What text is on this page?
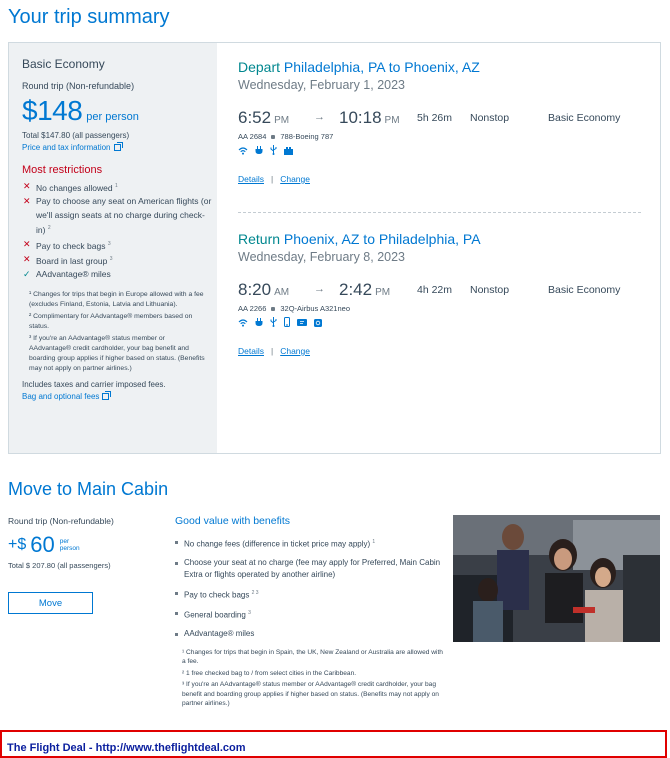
Your trip summary
Basic Economy
Round trip (Non-refundable)
$148 per person
Total $147.80 (all passengers)
Price and tax information
Most restrictions
✕ No changes allowed $^1$
✕ Pay to choose any seat on American flights (or we'll assign seats at no charge during check-in) $^2$
✕ Pay to check bags $^3$
✕ Board in last group $^3$
✓ AAdvantage® miles

¹ Changes for trips that begin in Europe allowed with a fee (excludes Finland, Estonia, Latvia and Lithuania).

² Complimentary for AAdvantage® members based on status.

³ If you're an AAdvantage® status member or AAdvantage® credit cardholder, your bag benefit and boarding group applies if higher based on status. (Benefits may not apply on partner airlines.)

Includes taxes and carrier imposed fees.
Bag and optional fees
Depart Philadelphia, PA to Phoenix, AZ
Wednesday, February 1, 2023
6:52 PM → 10:18 PM 5h 26m Nonstop	Basic Economy
AA 2684 788-Boeing 787
Details | Change
Return Phoenix, AZ to Philadelphia, PA
Wednesday, February 8, 2023
8:20 AM → 2:42 PM	4h 22m Nonstop	Basic Economy
AA 2266 32Q-Airbus A321neo
Details | Change
Move to Main Cabin
Round trip (Non-refundable)
+$ 60 per
person
Total $ 207.80 (all passengers)
Move
Good value with benefits
No change fees (difference in ticket price may apply) $^1$
Choose your seat at no charge (fee may apply for Preferred, Main Cabin Extra or flights operated by another airline)
Pay to check bags $^{2 3}$
General boarding $^3$
AAdvantage® miles

¹ Changes for trips that begin in Spain, the UK, New Zealand or Australia are allowed with a fee.

² 1 free checked bag to / from select cities in the Caribbean.

³ If you're an AAdvantage® status member or AAdvantage® credit cardholder, your bag benefit and boarding group applies if higher based on status. (Benefits may not apply on partner airlines.)

The Flight Deal - http://www.theflightdeal.com
